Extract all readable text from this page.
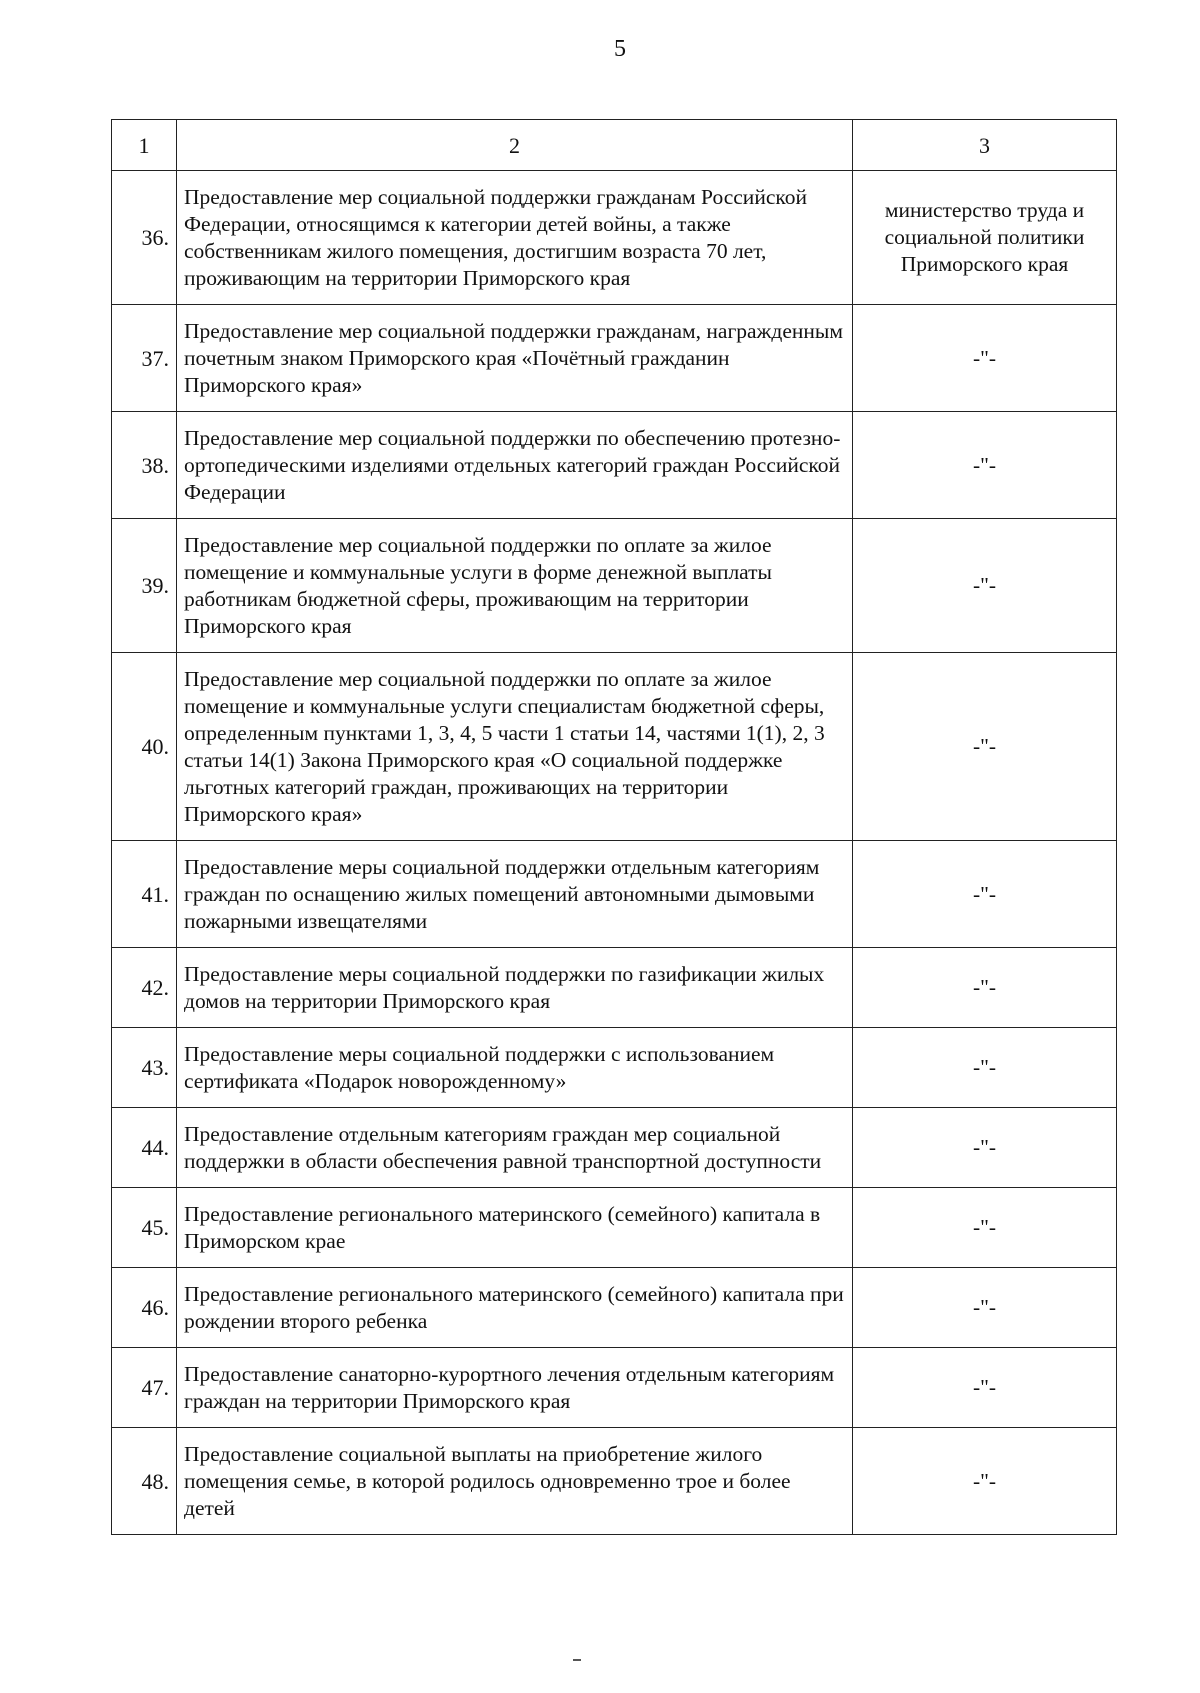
5
1	2	3
36.	Предоставление мер социальной поддержки гражданам Российской Федерации, относящимся к категории детей войны, а также собственникам жилого помещения, достигшим возраста 70 лет, проживающим на территории Приморского края	министерство труда и социальной политики Приморского края
37.	Предоставление мер социальной поддержки гражданам, награжденным почетным знаком Приморского края «Почётный гражданин Приморского края»	-"-
38.	Предоставление мер социальной поддержки по обеспечению протезно-ортопедическими изделиями отдельных категорий граждан Российской Федерации	-"-
39.	Предоставление мер социальной поддержки по оплате за жилое помещение и коммунальные услуги в форме денежной выплаты работникам бюджетной сферы, проживающим на территории Приморского края	-"-
40.	Предоставление мер социальной поддержки по оплате за жилое помещение и коммунальные услуги специалистам бюджетной сферы, определенным пунктами 1, 3, 4, 5 части 1 статьи 14, частями 1(1), 2, 3 статьи 14(1) Закона Приморского края «О социальной поддержке льготных категорий граждан, проживающих на территории Приморского края»	-"-
41.	Предоставление меры социальной поддержки отдельным категориям граждан по оснащению жилых помещений автономными дымовыми пожарными извещателями	-"-
42.	Предоставление меры социальной поддержки по газификации жилых домов на территории Приморского края	-"-
43.	Предоставление меры социальной поддержки с использованием сертификата «Подарок новорожденному»	-"-
44.	Предоставление отдельным категориям граждан мер социальной поддержки в области обеспечения равной транспортной доступности	-"-
45.	Предоставление регионального материнского (семейного) капитала в Приморском крае	-"-
46.	Предоставление регионального материнского (семейного) капитала при рождении второго ребенка	-"-
47.	Предоставление санаторно-курортного лечения отдельным категориям граждан на территории Приморского края	-"-
48.	Предоставление социальной выплаты на приобретение жилого помещения семье, в которой родилось одновременно трое и более детей	-"-
